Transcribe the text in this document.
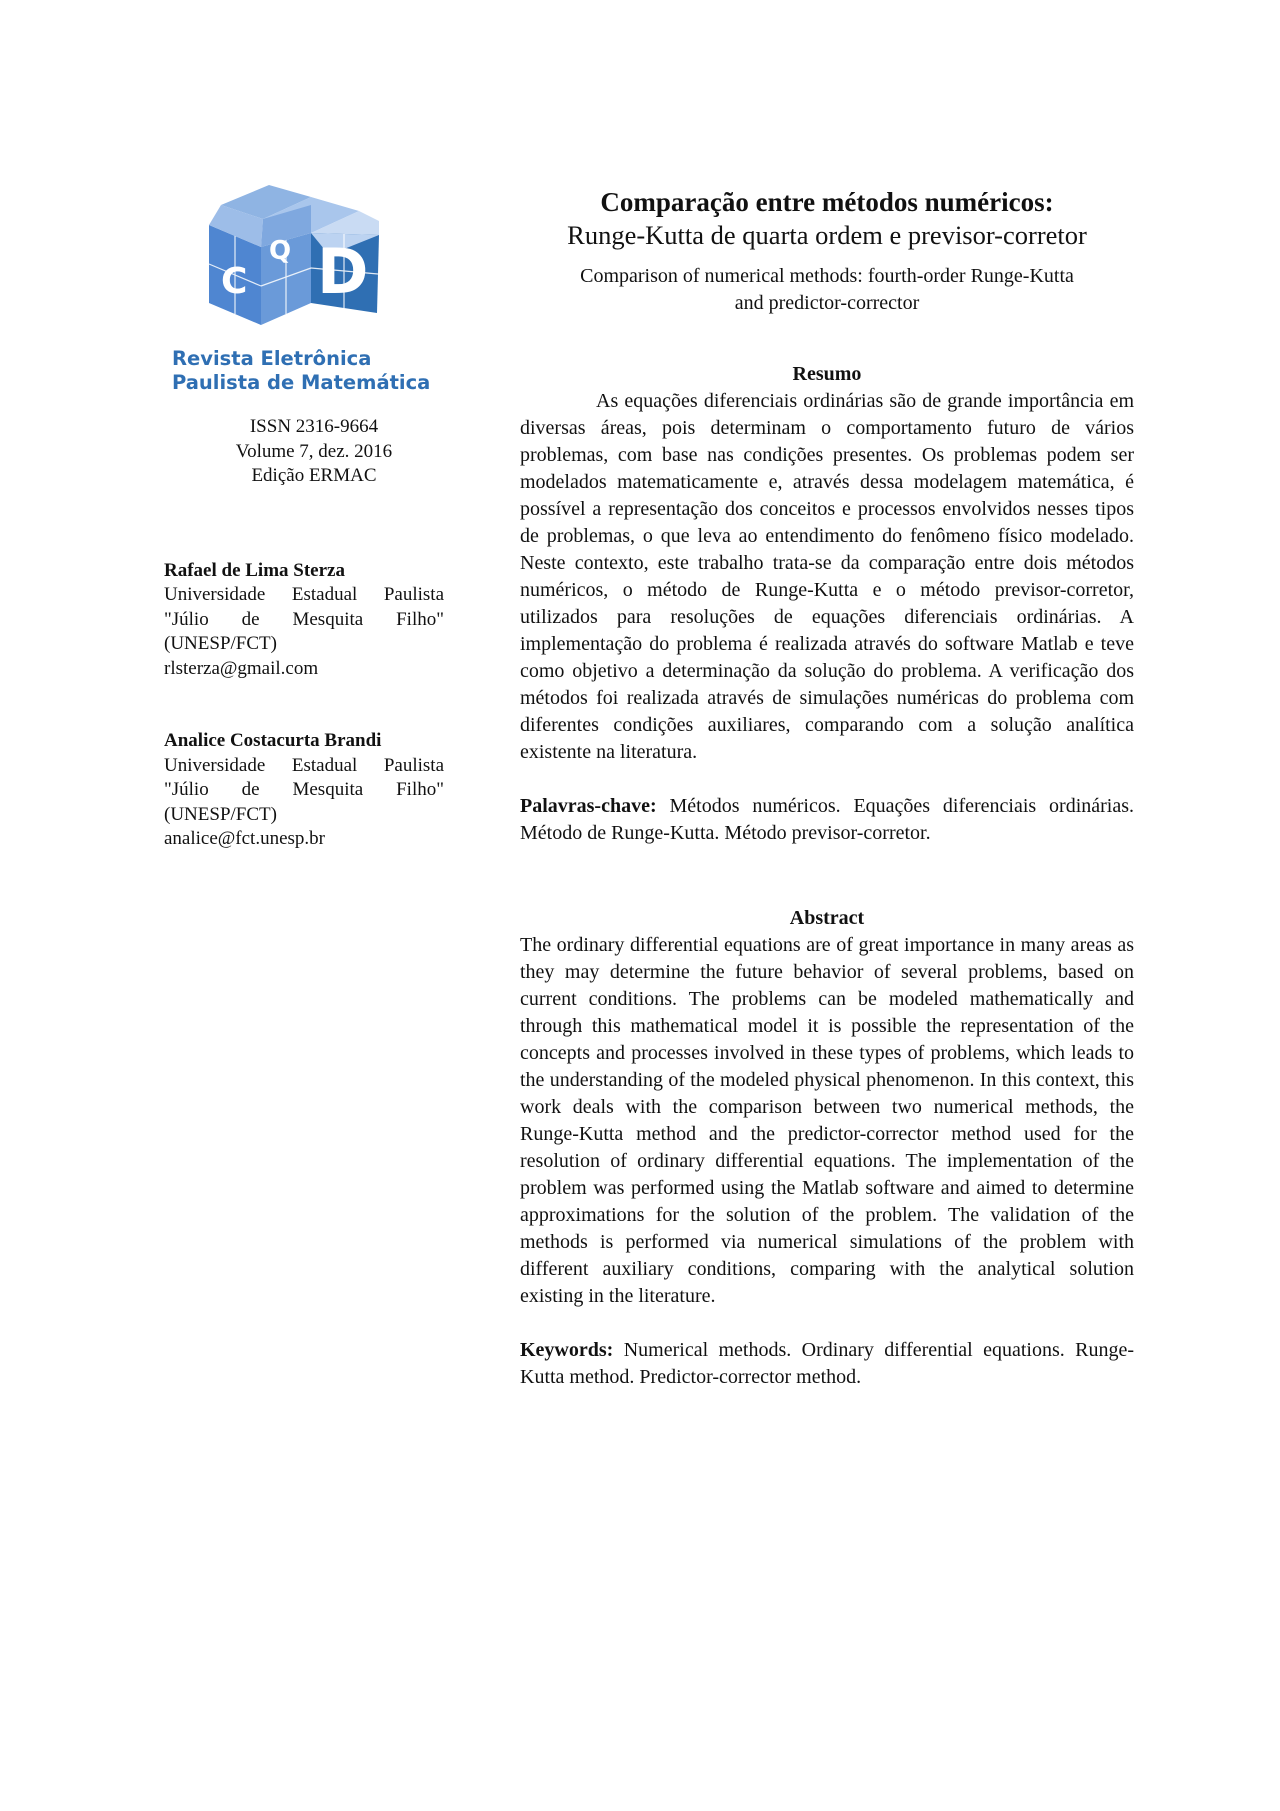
C
Q D
Revista Eletrônica
Paulista de Matemática
ISSN 2316-9664
Volume 7, dez. 2016
Edição ERMAC
Rafael de Lima Sterza
Universidade Estadual Paulista
"Júlio de Mesquita Filho"
(UNESP/FCT)
rlsterza@gmail.com
Analice Costacurta Brandi
Universidade Estadual Paulista
"Júlio de Mesquita Filho"
(UNESP/FCT)
analice@fct.unesp.br
Comparação entre métodos numéricos:
Runge-Kutta de quarta ordem e previsor-corretor
Comparison of numerical methods: fourth-order Runge-Kutta
and predictor-corrector
Resumo
As equações diferenciais ordinárias são de grande importância em diversas áreas, pois determinam o comportamento futuro de vários problemas, com base nas condições presentes. Os problemas podem ser modelados matematicamente e, através dessa modelagem matemática, é possível a representação dos conceitos e processos envolvidos nesses tipos de problemas, o que leva ao entendimento do fenômeno físico modelado. Neste contexto, este trabalho trata-se da comparação entre dois métodos numéricos, o método de Runge-Kutta e o método previsor-corretor, utilizados para resoluções de equações diferenciais ordinárias. A implementação do problema é realizada através do software Matlab e teve como objetivo a determinação da solução do problema. A verificação dos métodos foi realizada através de simulações numéricas do problema com diferentes condições auxiliares, comparando com a solução analítica existente na literatura.
Palavras-chave: Métodos numéricos. Equações diferenciais ordinárias. Método de Runge-Kutta. Método previsor-corretor.
Abstract
The ordinary differential equations are of great importance in many areas as they may determine the future behavior of several problems, based on current conditions. The problems can be modeled mathematically and through this mathematical model it is possible the representation of the concepts and processes involved in these types of problems, which leads to the understanding of the modeled physical phenomenon. In this context, this work deals with the comparison between two numerical methods, the Runge-Kutta method and the predictor-corrector method used for the resolution of ordinary differential equations. The implementation of the problem was performed using the Matlab software and aimed to determine approximations for the solution of the problem. The validation of the methods is performed via numerical simulations of the problem with different auxiliary conditions, comparing with the analytical solution existing in the literature.
Keywords: Numerical methods. Ordinary differential equations. Runge-Kutta method. Predictor-corrector method.
